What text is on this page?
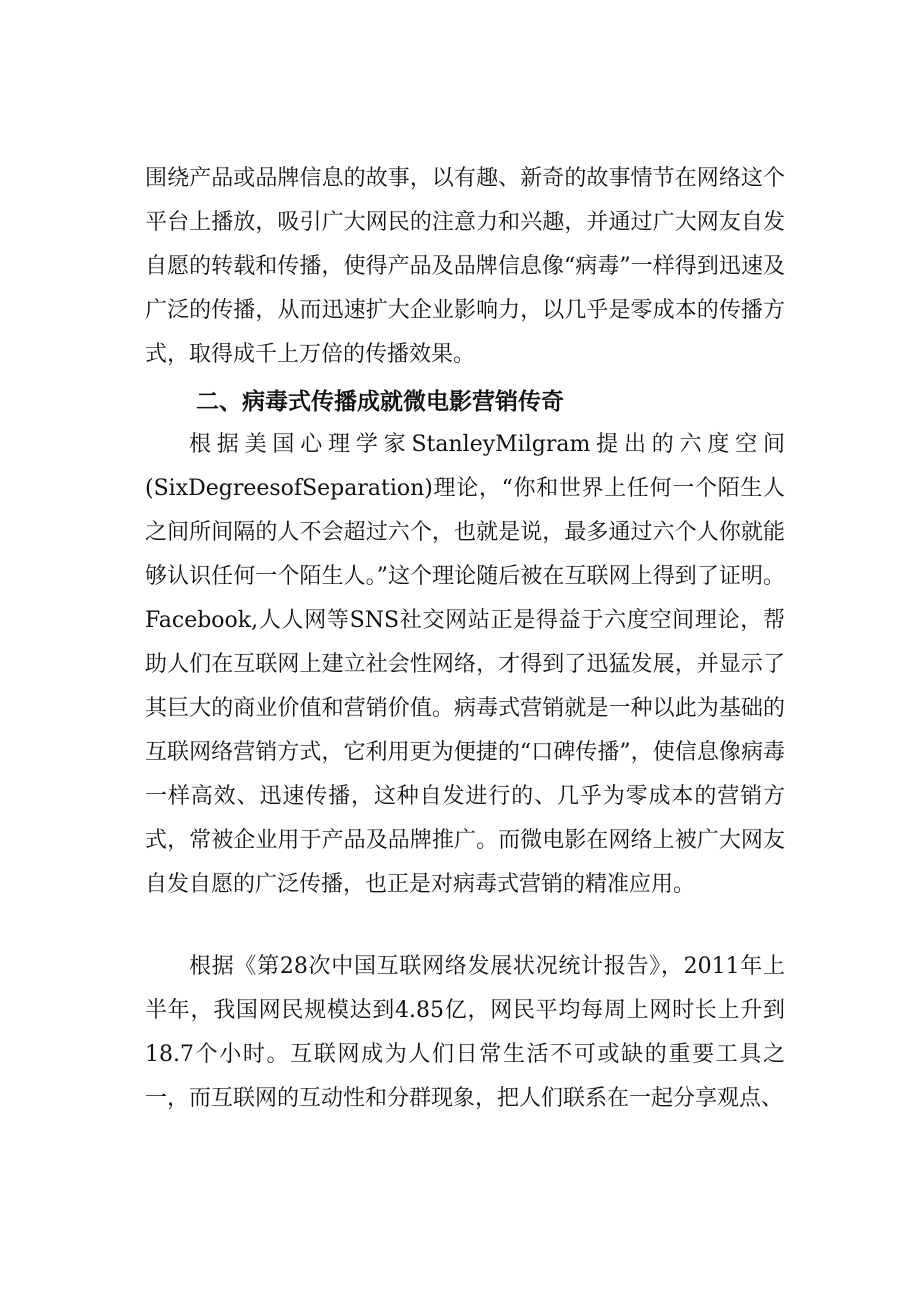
围绕产品或品牌信息的故事，以有趣、新奇的故事情节在网络这个平台上播放，吸引广大网民的注意力和兴趣，并通过广大网友自发自愿的转载和传播，使得产品及品牌信息像“病毒”一样得到迅速及广泛的传播，从而迅速扩大企业影响力，以几乎是零成本的传播方式，取得成千上万倍的传播效果。

二、病毒式传播成就微电影营销传奇

根据美国心理学家StanleyMilgram提出的六度空间(SixDegreesofSeparation)理论，“你和世界上任何一个陌生人之间所间隔的人不会超过六个，也就是说，最多通过六个人你就能够认识任何一个陌生人。”这个理论随后被在互联网上得到了证明。Facebook,人人网等SNS社交网站正是得益于六度空间理论，帮助人们在互联网上建立社会性网络，才得到了迅猛发展，并显示了其巨大的商业价值和营销价值。病毒式营销就是一种以此为基础的互联网络营销方式，它利用更为便捷的“口碑传播”，使信息像病毒一样高效、迅速传播，这种自发进行的、几乎为零成本的营销方式，常被企业用于产品及品牌推广。而微电影在网络上被广大网友自发自愿的广泛传播，也正是对病毒式营销的精准应用。

根据《第28次中国互联网络发展状况统计报告》，2011年上半年，我国网民规模达到4.85亿，网民平均每周上网时长上升到18.7个小时。互联网成为人们日常生活不可或缺的重要工具之一，而互联网的互动性和分群现象，把人们联系在一起分享观点、
